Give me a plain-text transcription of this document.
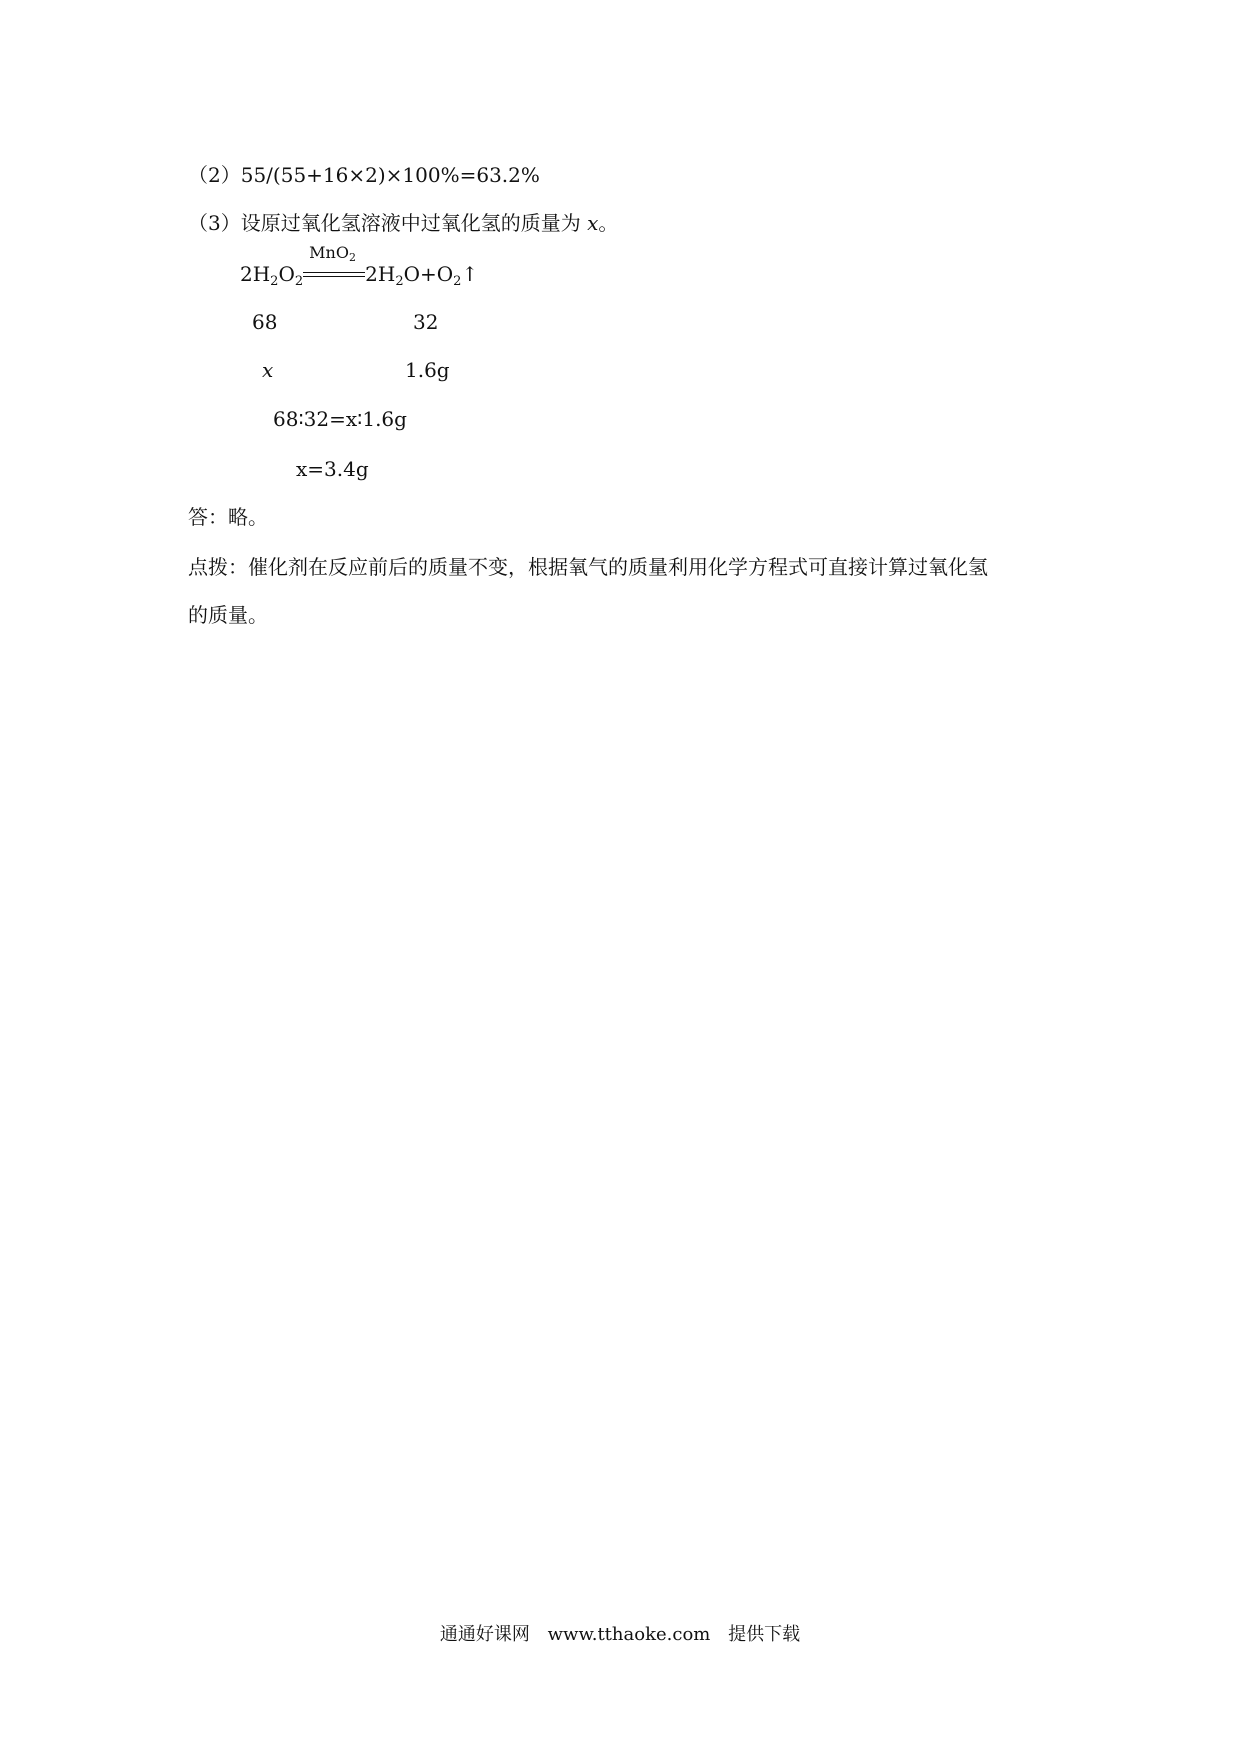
（2）55/(55+16×2)×100%=63.2%
（3）设原过氧化氢溶液中过氧化氢的质量为 x。
$2H_2O_2$
MnO$_2$
$2H_2O+O_2↑$
68	32
x	1.6g
68∶32=x∶1.6g
x=3.4g
答：略。
点拨：催化剂在反应前后的质量不变，根据氧气的质量利用化学方程式可直接计算过氧化氢
的质量。
通通好课网 www.tthaoke.com 提供下载
